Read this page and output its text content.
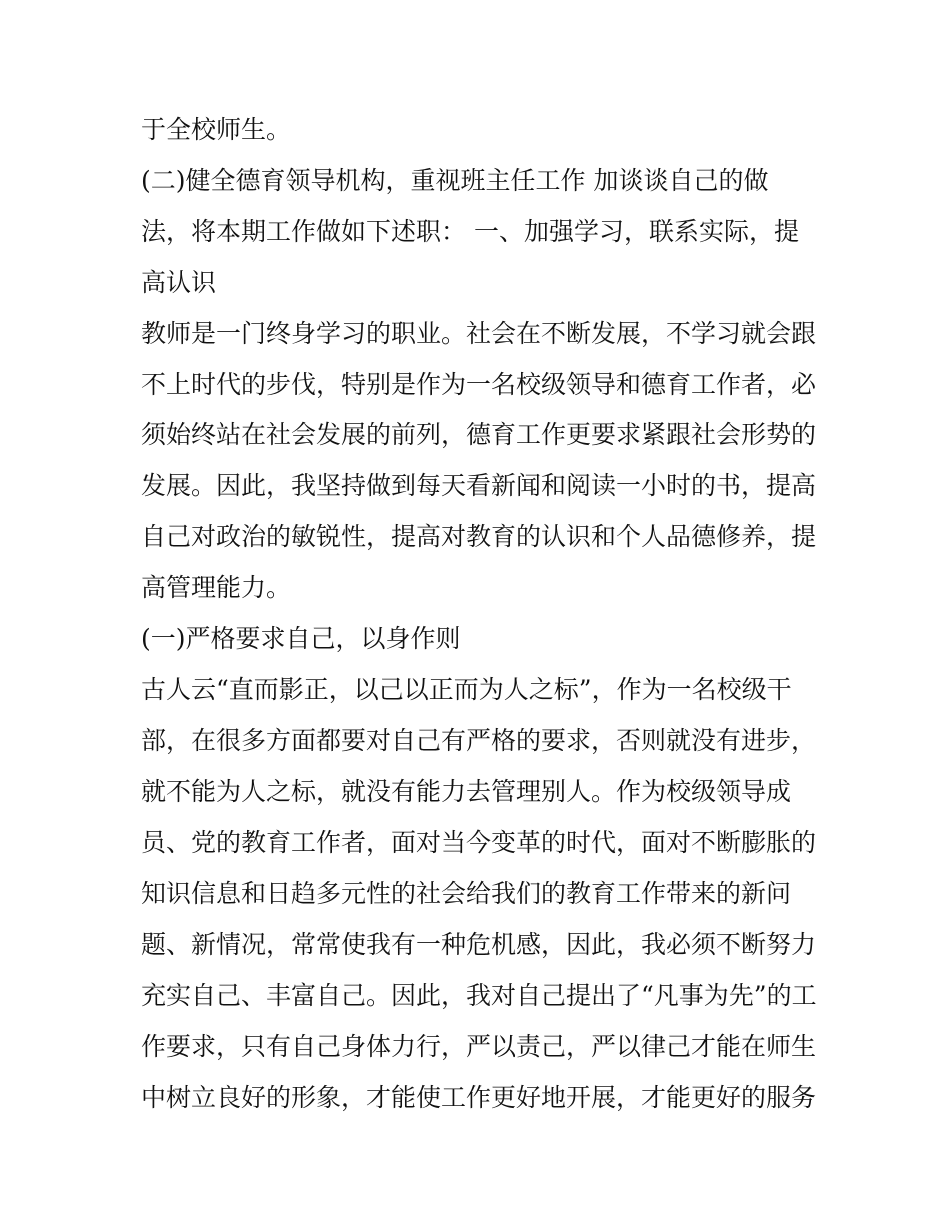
于全校师生。

(二)健全德育领导机构，重视班主任工作 加谈谈自己的做

法，将本期工作做如下述职： 一、加强学习，联系实际，提

高认识

教师是一门终身学习的职业。社会在不断发展，不学习就会跟

不上时代的步伐，特别是作为一名校级领导和德育工作者，必

须始终站在社会发展的前列，德育工作更要求紧跟社会形势的

发展。因此，我坚持做到每天看新闻和阅读一小时的书，提高

自己对政治的敏锐性，提高对教育的认识和个人品德修养，提

高管理能力。

(一)严格要求自己，以身作则

古人云“直而影正，以己以正而为人之标”，作为一名校级干

部，在很多方面都要对自己有严格的要求，否则就没有进步，

就不能为人之标，就没有能力去管理别人。作为校级领导成

员、党的教育工作者，面对当今变革的时代，面对不断膨胀的

知识信息和日趋多元性的社会给我们的教育工作带来的新问

题、新情况，常常使我有一种危机感，因此，我必须不断努力

充实自己、丰富自己。因此，我对自己提出了“凡事为先”的工

作要求，只有自己身体力行，严以责己，严以律己才能在师生

中树立良好的形象，才能使工作更好地开展，才能更好的服务
